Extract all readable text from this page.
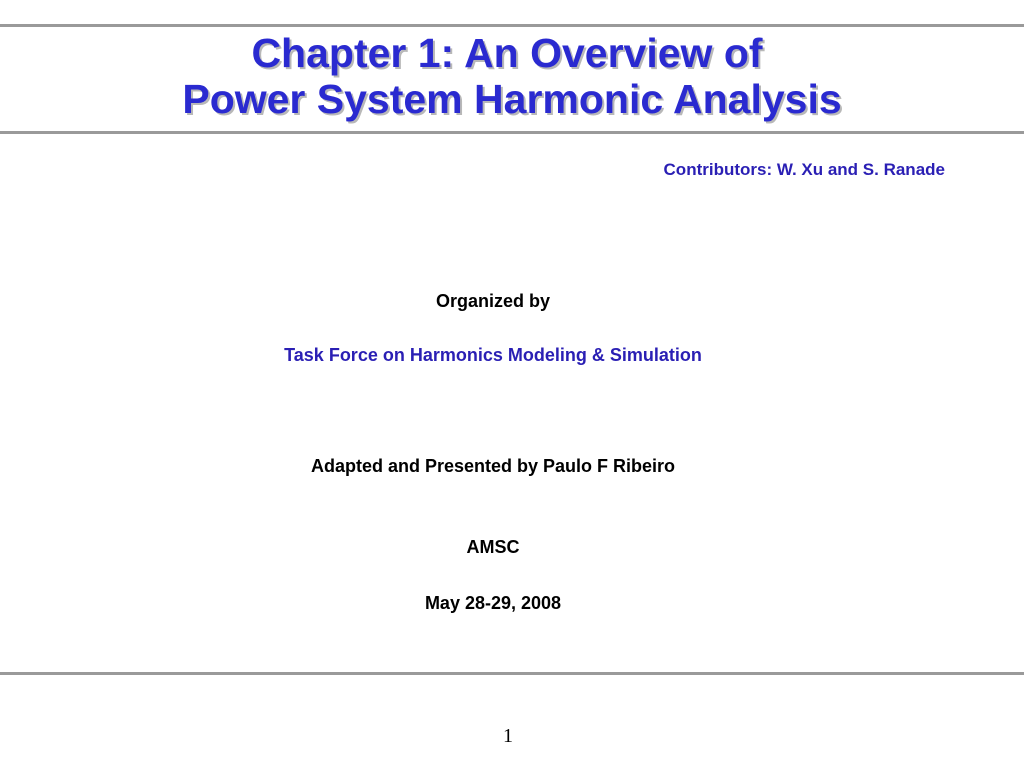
Chapter 1: An Overview of
Power System Harmonic Analysis
Contributors: W. Xu and S. Ranade
Organized by
Task Force on Harmonics Modeling & Simulation
Adapted and Presented by Paulo F Ribeiro
AMSC
May 28-29, 2008
1
